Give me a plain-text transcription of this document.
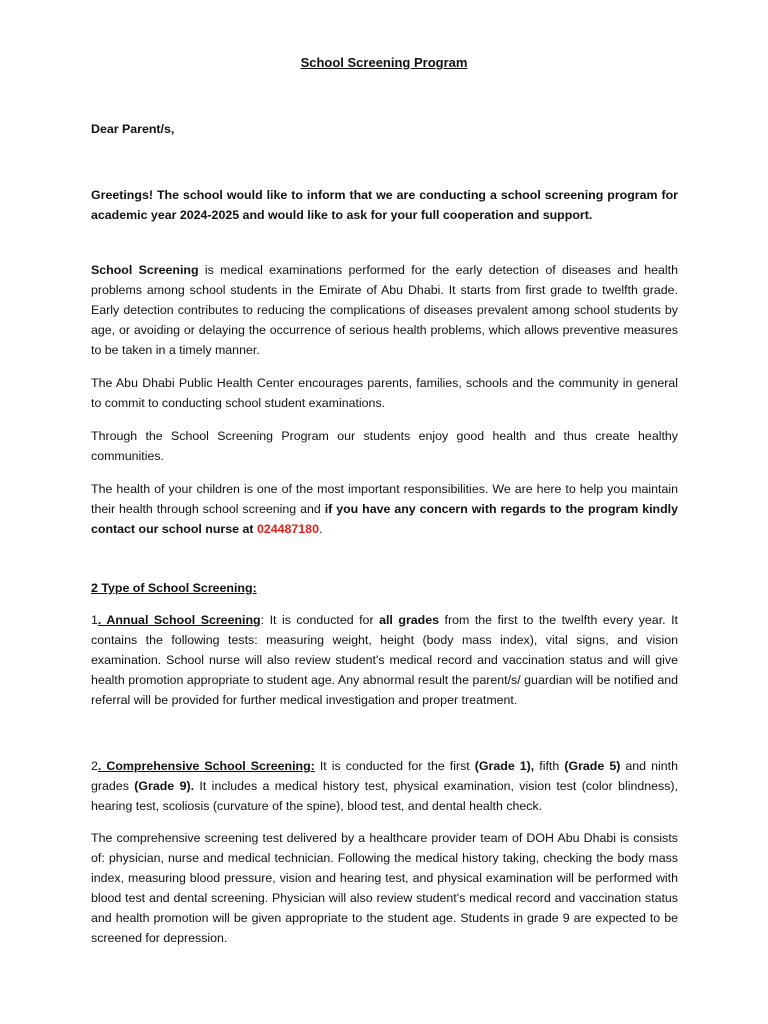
School Screening Program
Dear Parent/s,
Greetings! The school would like to inform that we are conducting a school screening program for academic year 2024-2025 and would like to ask for your full cooperation and support.
School Screening is medical examinations performed for the early detection of diseases and health problems among school students in the Emirate of Abu Dhabi. It starts from first grade to twelfth grade. Early detection contributes to reducing the complications of diseases prevalent among school students by age, or avoiding or delaying the occurrence of serious health problems, which allows preventive measures to be taken in a timely manner.
The Abu Dhabi Public Health Center encourages parents, families, schools and the community in general to commit to conducting school student examinations.
Through the School Screening Program our students enjoy good health and thus create healthy communities.
The health of your children is one of the most important responsibilities. We are here to help you maintain their health through school screening and if you have any concern with regards to the program kindly contact our school nurse at 024487180.
2 Type of School Screening:
1. Annual School Screening: It is conducted for all grades from the first to the twelfth every year. It contains the following tests: measuring weight, height (body mass index), vital signs, and vision examination. School nurse will also review student's medical record and vaccination status and will give health promotion appropriate to student age. Any abnormal result the parent/s/ guardian will be notified and referral will be provided for further medical investigation and proper treatment.
2. Comprehensive School Screening: It is conducted for the first (Grade 1), fifth (Grade 5) and ninth grades (Grade 9). It includes a medical history test, physical examination, vision test (color blindness), hearing test, scoliosis (curvature of the spine), blood test, and dental health check.
The comprehensive screening test delivered by a healthcare provider team of DOH Abu Dhabi is consists of: physician, nurse and medical technician. Following the medical history taking, checking the body mass index, measuring blood pressure, vision and hearing test, and physical examination will be performed with blood test and dental screening. Physician will also review student's medical record and vaccination status and health promotion will be given appropriate to the student age. Students in grade 9 are expected to be screened for depression.
